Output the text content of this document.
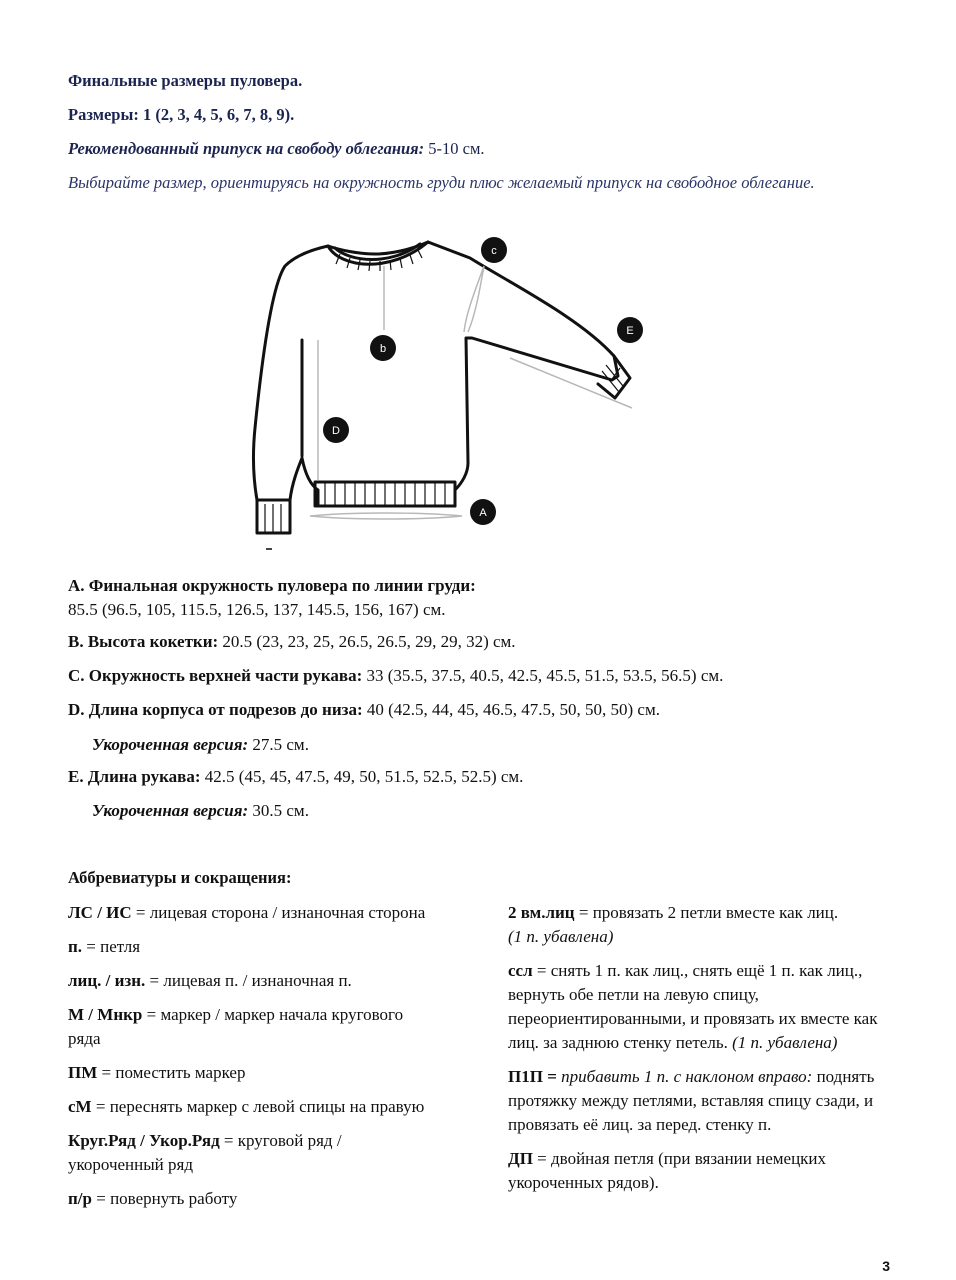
Финальные размеры пуловера.
Размеры: 1 (2, 3, 4, 5, 6, 7, 8, 9).
Рекомендованный припуск на свободу облегания: 5-10 см.
Выбирайте размер, ориентируясь на окружность груди плюс желаемый припуск на свободное облегание.
c
b
E
D
A
A. Финальная окружность пуловера по линии груди:
85.5 (96.5, 105, 115.5, 126.5, 137, 145.5, 156, 167) см.
B. Высота кокетки: 20.5 (23, 23, 25, 26.5, 26.5, 29, 29, 32) см.
C. Окружность верхней части рукава: 33 (35.5, 37.5, 40.5, 42.5, 45.5, 51.5, 53.5, 56.5) см.
D. Длина корпуса от подрезов до низа: 40 (42.5, 44, 45, 46.5, 47.5, 50, 50, 50) см.
Укороченная версия: 27.5 см.
E. Длина рукава: 42.5 (45, 45, 47.5, 49, 50, 51.5, 52.5, 52.5) см.
Укороченная версия: 30.5 см.
Аббревиатуры и сокращения:
ЛС / ИС = лицевая сторона / изнаночная сторона
п. = петля
лиц. / изн. = лицевая п. / изнаночная п.
М / Мнкр = маркер / маркер начала кругового ряда
ПМ = поместить маркер
сМ = переснять маркер с левой спицы на правую
Круг.Ряд / Укор.Ряд = круговой ряд / укороченный ряд
п/р = повернуть работу
2 вм.лиц = провязать 2 петли вместе как лиц.
(1 п. убавлена)
ссл = снять 1 п. как лиц., снять ещё 1 п. как лиц., вернуть обе петли на левую спицу, переориентированными, и провязать их вместе как лиц. за заднюю стенку петель. (1 п. убавлена)
П1П = прибавить 1 п. с наклоном вправо: поднять протяжку между петлями, вставляя спицу сзади, и провязать её лиц. за перед. стенку п.
ДП = двойная петля (при вязании немецких укороченных рядов).
3
